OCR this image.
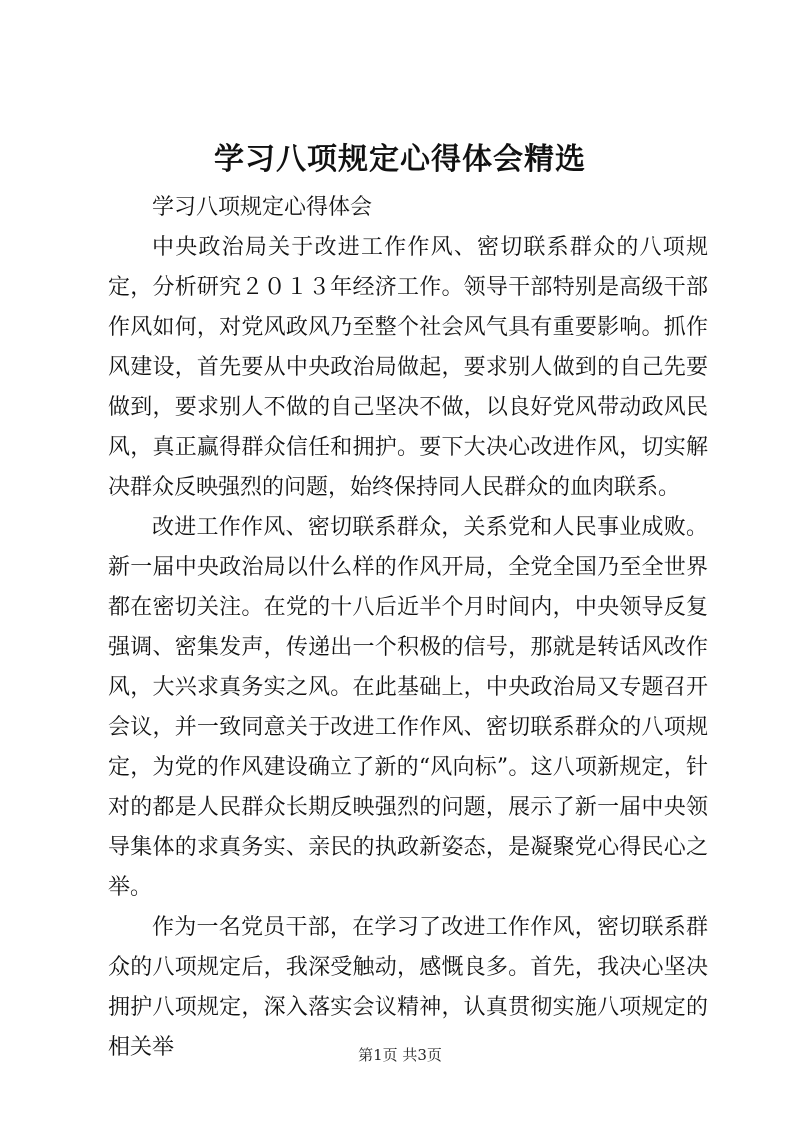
学习八项规定心得体会精选

学习八项规定心得体会

中央政治局关于改进工作作风、密切联系群众的八项规定，分析研究２０１３年经济工作。领导干部特别是高级干部作风如何，对党风政风乃至整个社会风气具有重要影响。抓作风建设，首先要从中央政治局做起，要求别人做到的自己先要做到，要求别人不做的自己坚决不做，以良好党风带动政风民风，真正赢得群众信任和拥护。要下大决心改进作风，切实解决群众反映强烈的问题，始终保持同人民群众的血肉联系。

改进工作作风、密切联系群众，关系党和人民事业成败。新一届中央政治局以什么样的作风开局，全党全国乃至全世界都在密切关注。在党的十八后近半个月时间内，中央领导反复强调、密集发声，传递出一个积极的信号，那就是转话风改作风，大兴求真务实之风。在此基础上，中央政治局又专题召开会议，并一致同意关于改进工作作风、密切联系群众的八项规定，为党的作风建设确立了新的“风向标”。这八项新规定，针对的都是人民群众长期反映强烈的问题，展示了新一届中央领导集体的求真务实、亲民的执政新姿态，是凝聚党心得民心之举。

作为一名党员干部，在学习了改进工作作风，密切联系群众的八项规定后，我深受触动，感慨良多。首先，我决心坚决拥护八项规定，深入落实会议精神，认真贯彻实施八项规定的相关举	第1页 共3页
